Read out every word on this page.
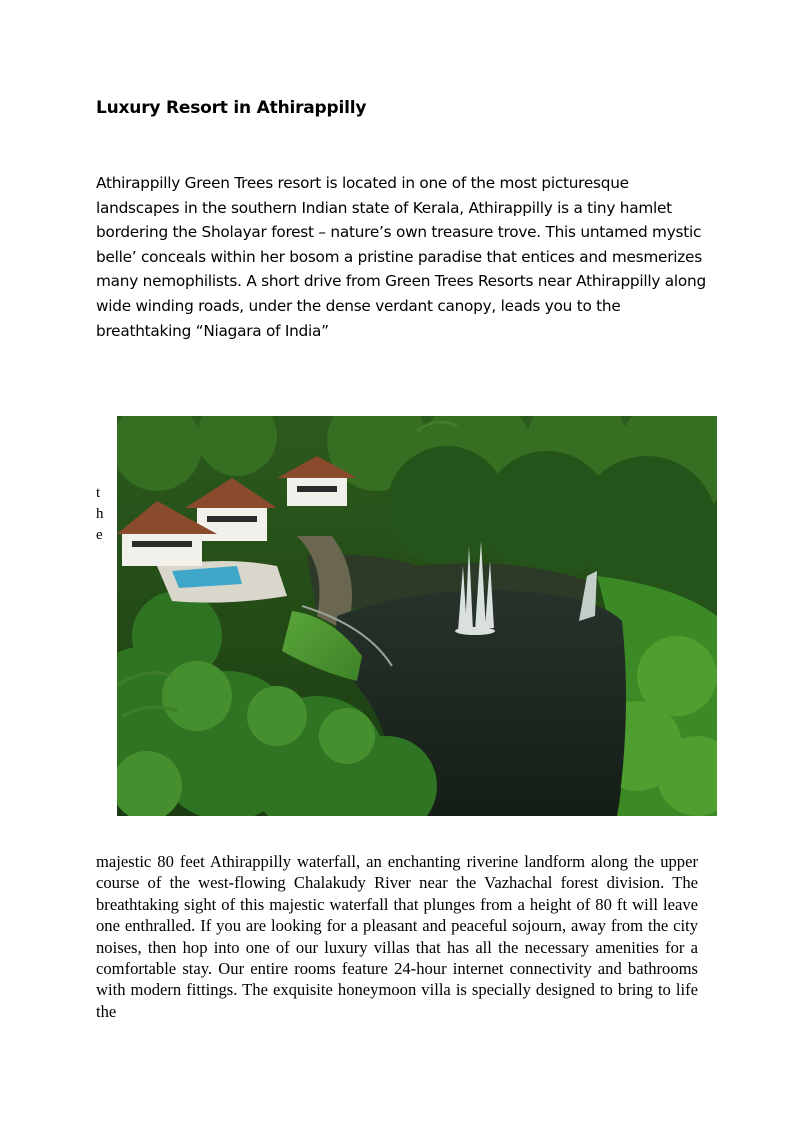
Luxury Resort in Athirappilly

Athirappilly Green Trees resort is located in one of the most picturesque landscapes in the southern Indian state of Kerala, Athirappilly is a tiny hamlet bordering the Sholayar forest – nature’s own treasure trove. This untamed mystic belle’ conceals within her bosom a pristine paradise that entices and mesmerizes many nemophilists. A short drive from Green Trees Resorts near Athirappilly along wide winding roads, under the dense verdant canopy, leads you to the breathtaking “Niagara of India”

t
h
e

majestic 80 feet Athirappilly waterfall, an enchanting riverine landform along the upper course of the west-flowing Chalakudy River near the Vazhachal forest division. The breathtaking sight of this majestic waterfall that plunges from a height of 80 ft will leave one enthralled. If you are looking for a pleasant and peaceful sojourn, away from the city noises, then hop into one of our luxury villas that has all the necessary amenities for a comfortable stay. Our entire rooms feature 24-hour internet connectivity and bathrooms with modern fittings. The exquisite honeymoon villa is specially designed to bring to life the
